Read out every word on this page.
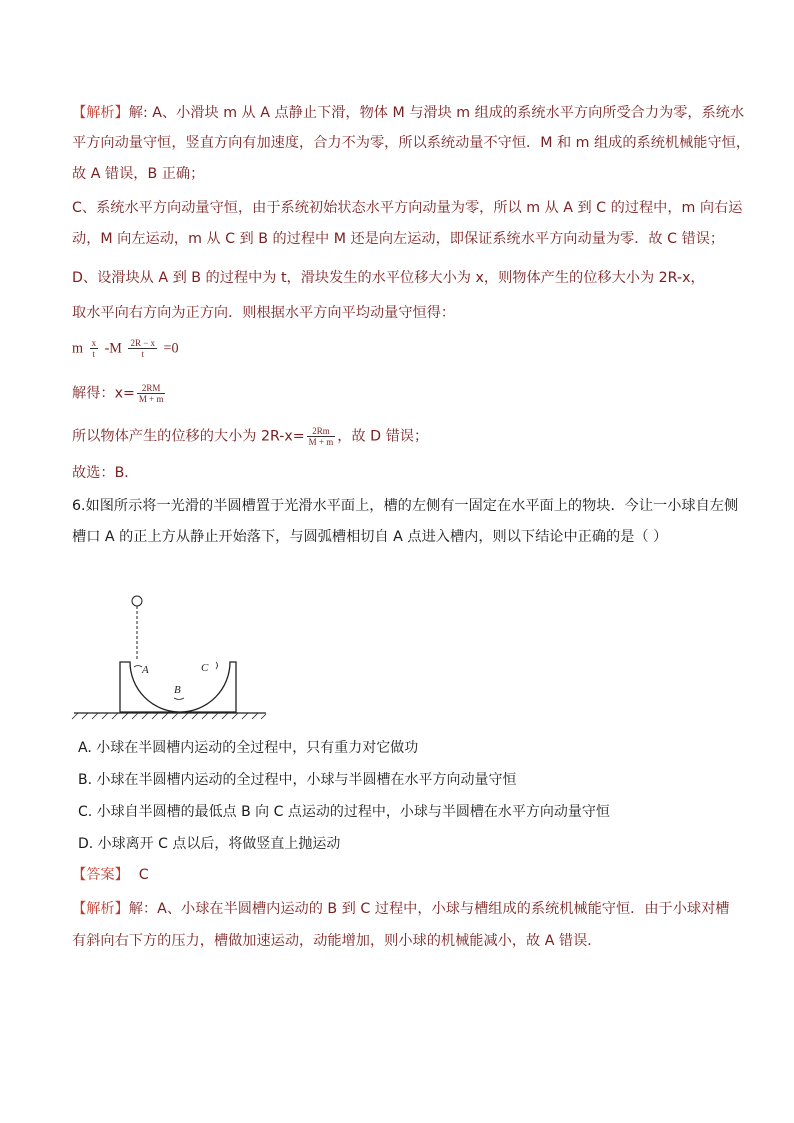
【解析】解: A、小滑块 m 从 A 点静止下滑，物体 M 与滑块 m 组成的系统水平方向所受合力为零，系统水
平方向动量守恒，竖直方向有加速度，合力不为零，所以系统动量不守恒．M 和 m 组成的系统机械能守恒，
故 A 错误，B 正确；
C、系统水平方向动量守恒，由于系统初始状态水平方向动量为零，所以 m 从 A 到 C 的过程中，m 向右运
动，M 向左运动，m 从 C 到 B 的过程中 M 还是向左运动，即保证系统水平方向动量为零．故 C 错误；
D、设滑块从 A 到 B 的过程中为 t，滑块发生的水平位移大小为 x，则物体产生的位移大小为 2R-x，
取水平向右方向为正方向．则根据水平方向平均动量守恒得：
m $\frac{x}{t} -M \frac{2R - x}{t} =0$
解得：$x= \frac{2RM}{M + m}$
所以物体产生的位移的大小为 $2R-x= \frac{2Rm}{M + m}$ ，故 D 错误；
故选：B．
6.如图所示将一光滑的半圆槽置于光滑水平面上，槽的左侧有一固定在水平面上的物块．今让一小球自左侧
槽口 A 的正上方从静止开始落下，与圆弧槽相切自 A 点进入槽内，则以下结论中正确的是（ ）
A	C
B
A. 小球在半圆槽内运动的全过程中，只有重力对它做功
B. 小球在半圆槽内运动的全过程中，小球与半圆槽在水平方向动量守恒
C. 小球自半圆槽的最低点 B 向 C 点运动的过程中，小球与半圆槽在水平方向动量守恒
D. 小球离开 C 点以后，将做竖直上抛运动
【答案】 C
【解析】解：A、小球在半圆槽内运动的 B 到 C 过程中，小球与槽组成的系统机械能守恒．由于小球对槽
有斜向右下方的压力，槽做加速运动，动能增加，则小球的机械能减小，故 A 错误．
